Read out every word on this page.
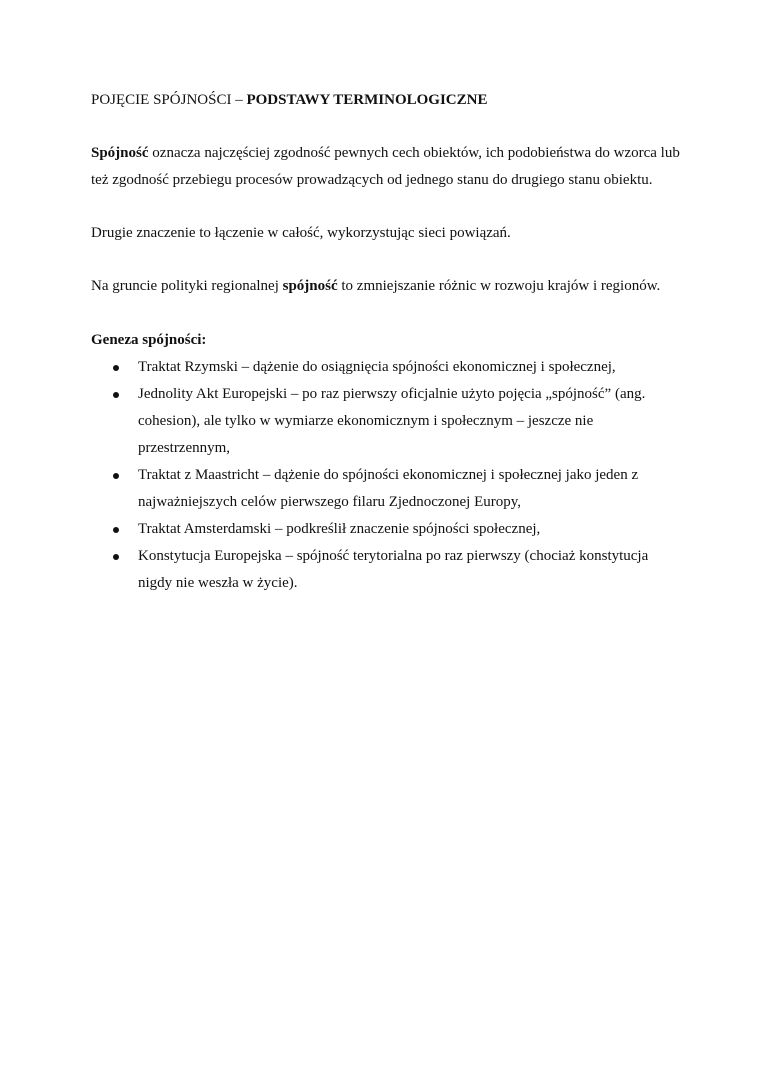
POJĘCIE SPÓJNOŚCI – PODSTAWY TERMINOLOGICZNE

Spójność oznacza najczęściej zgodność pewnych cech obiektów, ich podobieństwa do wzorca lub też zgodność przebiegu procesów prowadzących od jednego stanu do drugiego stanu obiektu.

Drugie znaczenie to łączenie w całość, wykorzystując sieci powiązań.

Na gruncie polityki regionalnej spójność to zmniejszanie różnic w rozwoju krajów i regionów.

Geneza spójności:

Traktat Rzymski – dążenie do osiągnięcia spójności ekonomicznej i społecznej,
Jednolity Akt Europejski – po raz pierwszy oficjalnie użyto pojęcia „spójność” (ang. cohesion), ale tylko w wymiarze ekonomicznym i społecznym – jeszcze nie przestrzennym,
Traktat z Maastricht – dążenie do spójności ekonomicznej i społecznej jako jeden z najważniejszych celów pierwszego filaru Zjednoczonej Europy,
Traktat Amsterdamski – podkreślił znaczenie spójności społecznej,
Konstytucja Europejska – spójność terytorialna po raz pierwszy (chociaż konstytucja nigdy nie weszła w życie).
